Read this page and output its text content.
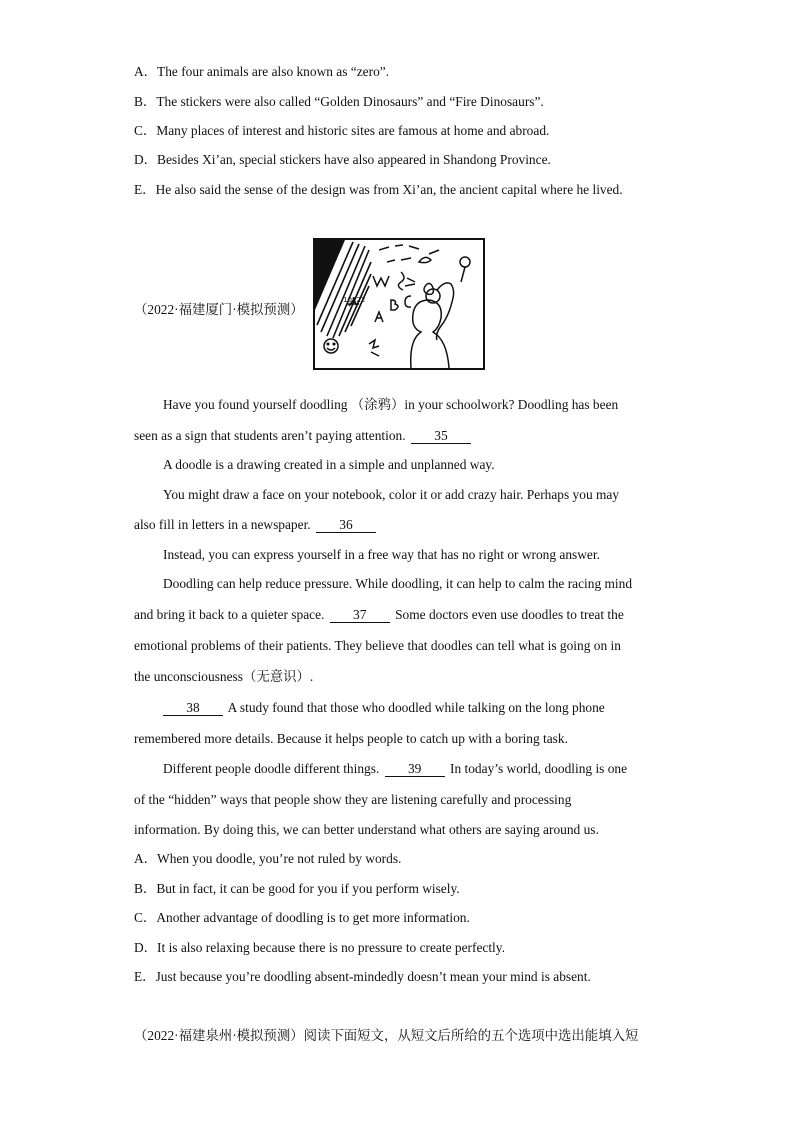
A．The four animals are also known as “zero”.
B．The stickers were also called “Golden Dinosaurs” and “Fire Dinosaurs”.
C．Many places of interest and historic sites are famous at home and abroad.
D．Besides Xi’an, special stickers have also appeared in Shandong Province.
E．He also said the sense of the design was from Xi’an, the ancient capital where he lived.
（2022·福建厦门·模拟预测）
10122
Have you found yourself doodling （涂鸦）in your schoolwork? Doodling has been
seen as a sign that students aren’t paying attention. 35
A doodle is a drawing created in a simple and unplanned way.
You might draw a face on your notebook, color it or add crazy hair. Perhaps you may
also fill in letters in a newspaper. 36
Instead, you can express yourself in a free way that has no right or wrong answer.
Doodling can help reduce pressure. While doodling, it can help to calm the racing mind
and bring it back to a quieter space. 37 Some doctors even use doodles to treat the
emotional problems of their patients. They believe that doodles can tell what is going on in
the unconsciousness（无意识）.
38 A study found that those who doodled while talking on the long phone
remembered more details. Because it helps people to catch up with a boring task.
Different people doodle different things. 39 In today’s world, doodling is one
of the “hidden” ways that people show they are listening carefully and processing
information. By doing this, we can better understand what others are saying around us.
A．When you doodle, you’re not ruled by words.
B．But in fact, it can be good for you if you perform wisely.
C．Another advantage of doodling is to get more information.
D．It is also relaxing because there is no pressure to create perfectly.
E．Just because you’re doodling absent-mindedly doesn’t mean your mind is absent.
（2022·福建泉州·模拟预测）阅读下面短文，从短文后所给的五个选项中选出能填入短
